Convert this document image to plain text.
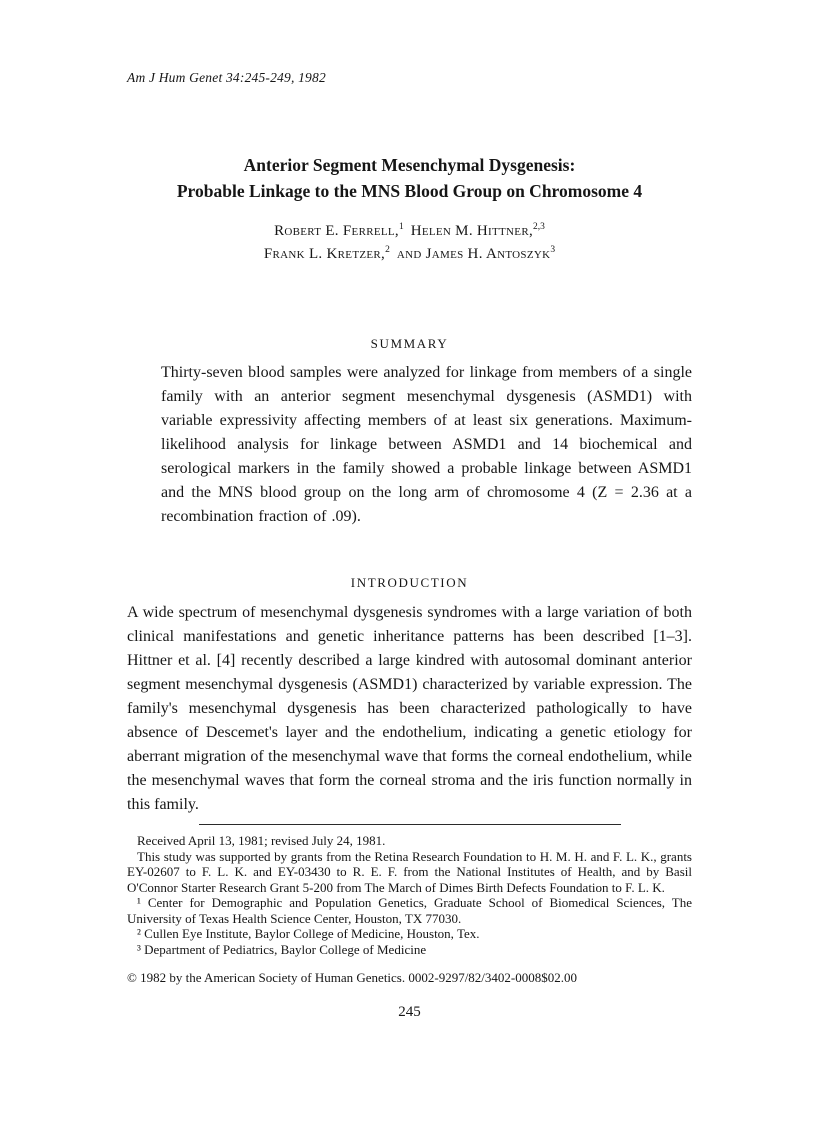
Am J Hum Genet 34:245-249, 1982
Anterior Segment Mesenchymal Dysgenesis:
Probable Linkage to the MNS Blood Group on Chromosome 4
Robert E. Ferrell,$^1$ Helen M. Hittner,$^{2,3}$
Frank L. Kretzer,$^2$ and James H. Antoszyk$^3$
SUMMARY

Thirty-seven blood samples were analyzed for linkage from members of a single family with an anterior segment mesenchymal dysgenesis (ASMD1) with variable expressivity affecting members of at least six generations. Maximum-likelihood analysis for linkage between ASMD1 and 14 biochemical and serological markers in the family showed a probable linkage between ASMD1 and the MNS blood group on the long arm of chromosome 4 (Z = 2.36 at a recombination fraction of .09).

INTRODUCTION

A wide spectrum of mesenchymal dysgenesis syndromes with a large variation of both clinical manifestations and genetic inheritance patterns has been described [1–3]. Hittner et al. [4] recently described a large kindred with autosomal dominant anterior segment mesenchymal dysgenesis (ASMD1) characterized by variable expression. The family's mesenchymal dysgenesis has been characterized pathologically to have absence of Descemet's layer and the endothelium, indicating a genetic etiology for aberrant migration of the mesenchymal wave that forms the corneal endothelium, while the mesenchymal waves that form the corneal stroma and the iris function normally in this family.

Received April 13, 1981; revised July 24, 1981.

This study was supported by grants from the Retina Research Foundation to H. M. H. and F. L. K., grants EY-02607 to F. L. K. and EY-03430 to R. E. F. from the National Institutes of Health, and by Basil O'Connor Starter Research Grant 5-200 from The March of Dimes Birth Defects Foundation to F. L. K.

¹ Center for Demographic and Population Genetics, Graduate School of Biomedical Sciences, The University of Texas Health Science Center, Houston, TX 77030.

² Cullen Eye Institute, Baylor College of Medicine, Houston, Tex.

³ Department of Pediatrics, Baylor College of Medicine

© 1982 by the American Society of Human Genetics. 0002-9297/82/3402-0008$02.00
245
